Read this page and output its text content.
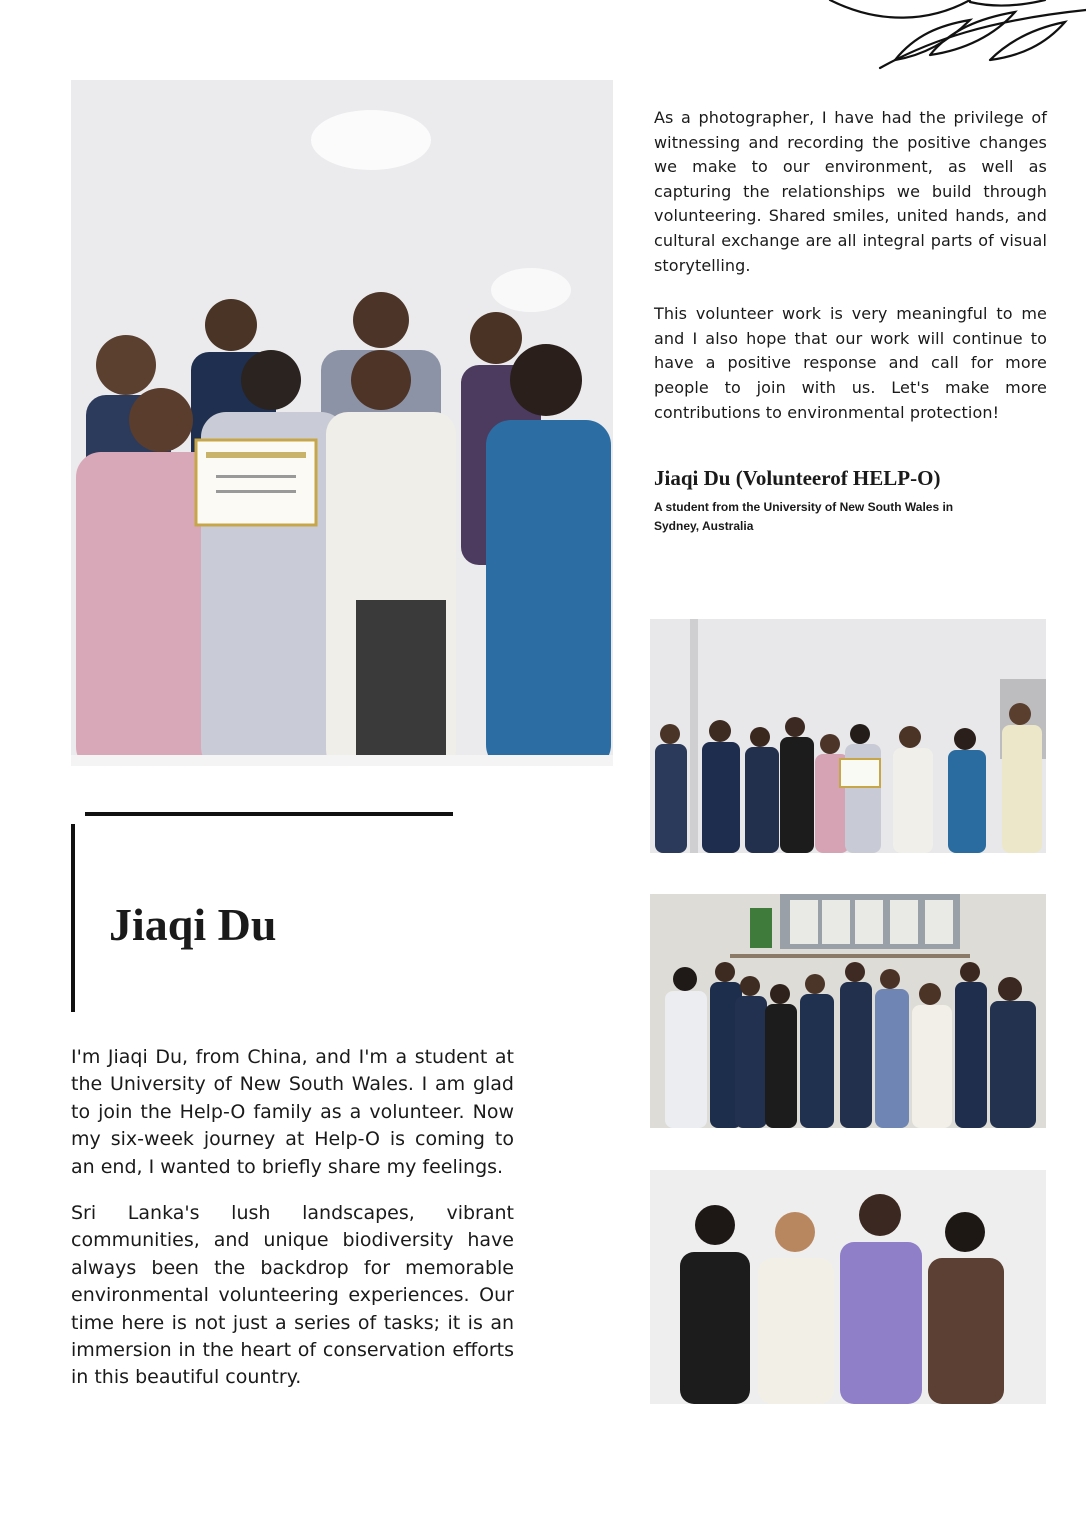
As a photographer, I have had the privilege of witnessing and recording the positive changes we make to our environment, as well as capturing the relationships we build through volunteering. Shared smiles, united hands, and cultural exchange are all integral parts of visual storytelling.

This volunteer work is very meaningful to me and I also hope that our work will continue to have a positive response and call for more people to join with us. Let's make more contributions to environmental protection!

Jiaqi Du (Volunteerof HELP-O)

A student from the University of New South Wales in Sydney, Australia

Jiaqi Du

I'm Jiaqi Du, from China, and I'm a student at the University of New South Wales. I am glad to join the Help-O family as a volunteer. Now my six-week journey at Help-O is coming to an end, I wanted to briefly share my feelings.

Sri Lanka's lush landscapes, vibrant communities, and unique biodiversity have always been the backdrop for memorable environmental volunteering experiences. Our time here is not just a series of tasks; it is an immersion in the heart of conservation efforts in this beautiful country.
